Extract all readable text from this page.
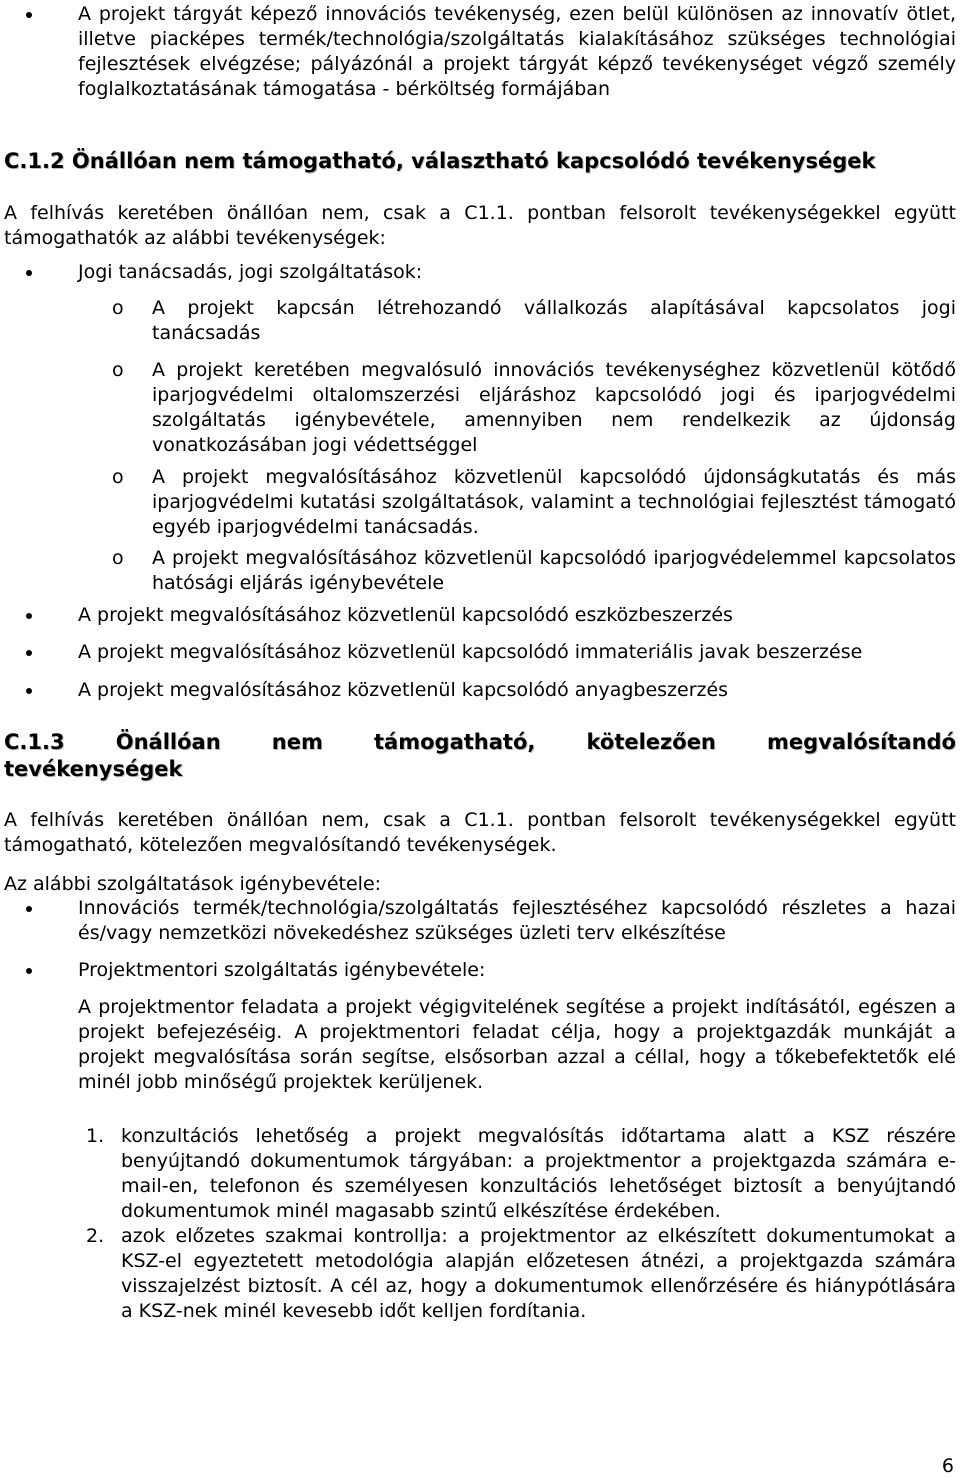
A projekt tárgyát képező innovációs tevékenység, ezen belül különösen az innovatív ötlet, illetve piacképes termék/technológia/szolgáltatás kialakításához szükséges technológiai fejlesztések elvégzése; pályázónál a projekt tárgyát képző tevékenységet végző személy foglalkoztatásának támogatása - bérköltség formájában

C.1.2 Önállóan nem támogatható, választható kapcsolódó tevékenységek

A felhívás keretében önállóan nem, csak a C1.1. pontban felsorolt tevékenységekkel együtt támogathatók az alábbi tevékenységek:

Jogi tanácsadás, jogi szolgáltatások:

o A projekt kapcsán létrehozandó vállalkozás alapításával kapcsolatos jogi tanácsadás

o A projekt keretében megvalósuló innovációs tevékenységhez közvetlenül kötődő iparjogvédelmi oltalomszerzési eljáráshoz kapcsolódó jogi és iparjogvédelmi szolgáltatás igénybevétele, amennyiben nem rendelkezik az újdonság vonatkozásában jogi védettséggel

o A projekt megvalósításához közvetlenül kapcsolódó újdonságkutatás és más iparjogvédelmi kutatási szolgáltatások, valamint a technológiai fejlesztést támogató egyéb iparjogvédelmi tanácsadás.

o A projekt megvalósításához közvetlenül kapcsolódó iparjogvédelemmel kapcsolatos hatósági eljárás igénybevétele

A projekt megvalósításához közvetlenül kapcsolódó eszközbeszerzés

A projekt megvalósításához közvetlenül kapcsolódó immateriális javak beszerzése

A projekt megvalósításához közvetlenül kapcsolódó anyagbeszerzés

C.1.3 Önállóan nem támogatható, kötelezően megvalósítandó
tevékenységek

A felhívás keretében önállóan nem, csak a C1.1. pontban felsorolt tevékenységekkel együtt támogatható, kötelezően megvalósítandó tevékenységek.

Az alábbi szolgáltatások igénybevétele:

Innovációs termék/technológia/szolgáltatás fejlesztéséhez kapcsolódó részletes a hazai és/vagy nemzetközi növekedéshez szükséges üzleti terv elkészítése

Projektmentori szolgáltatás igénybevétele:

A projektmentor feladata a projekt végigvitelének segítése a projekt indításától, egészen a projekt befejezéséig. A projektmentori feladat célja, hogy a projektgazdák munkáját a projekt megvalósítása során segítse, elsősorban azzal a céllal, hogy a tőkebefektetők elé minél jobb minőségű projektek kerüljenek.

1. konzultációs lehetőség a projekt megvalósítás időtartama alatt a KSZ részére benyújtandó dokumentumok tárgyában: a projektmentor a projektgazda számára e-mail-en, telefonon és személyesen konzultációs lehetőséget biztosít a benyújtandó dokumentumok minél magasabb szintű elkészítése érdekében.

2. azok előzetes szakmai kontrollja: a projektmentor az elkészített dokumentumokat a KSZ-el egyeztetett metodológia alapján előzetesen átnézi, a projektgazda számára visszajelzést biztosít. A cél az, hogy a dokumentumok ellenőrzésére és hiánypótlására a KSZ-nek minél kevesebb időt kelljen fordítania.

6
